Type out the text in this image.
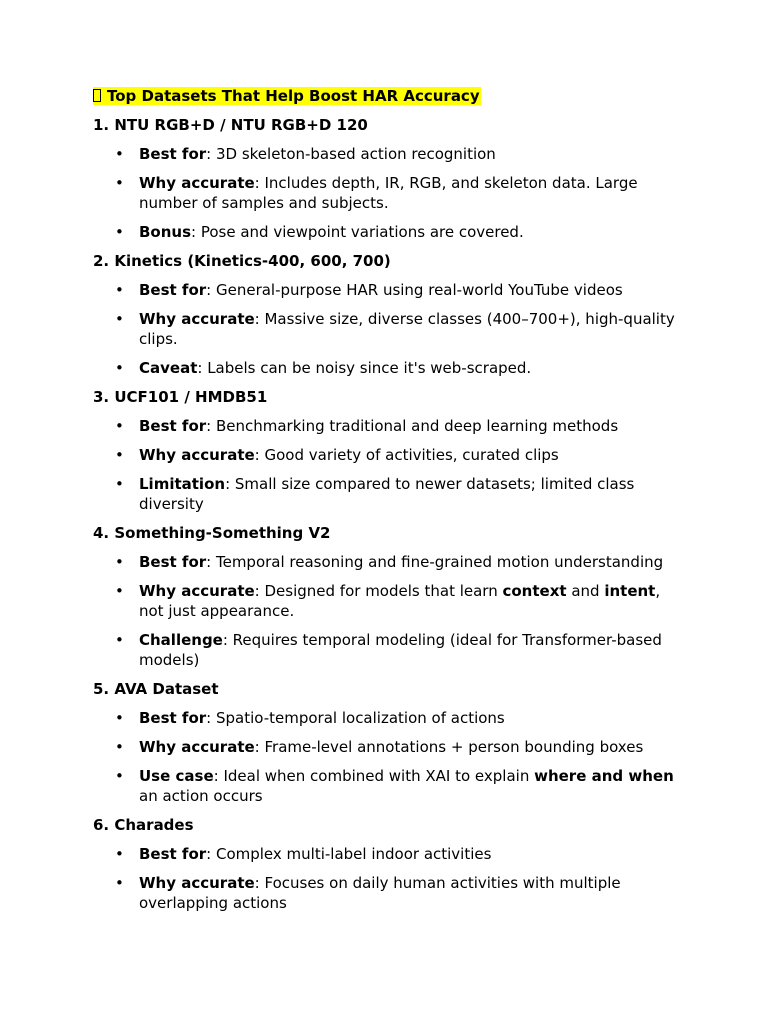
Top Datasets That Help Boost HAR Accuracy
1. NTU RGB+D / NTU RGB+D 120
• Best for: 3D skeleton-based action recognition
• Why accurate: Includes depth, IR, RGB, and skeleton data. Large number of samples and subjects.
• Bonus: Pose and viewpoint variations are covered.
2. Kinetics (Kinetics-400, 600, 700)
• Best for: General-purpose HAR using real-world YouTube videos
• Why accurate: Massive size, diverse classes (400–700+), high-quality clips.
• Caveat: Labels can be noisy since it's web-scraped.
3. UCF101 / HMDB51
• Best for: Benchmarking traditional and deep learning methods
• Why accurate: Good variety of activities, curated clips
• Limitation: Small size compared to newer datasets; limited class diversity
4. Something-Something V2
• Best for: Temporal reasoning and fine-grained motion understanding
• Why accurate: Designed for models that learn context and intent, not just appearance.
• Challenge: Requires temporal modeling (ideal for Transformer-based models)
5. AVA Dataset
• Best for: Spatio-temporal localization of actions
• Why accurate: Frame-level annotations + person bounding boxes
• Use case: Ideal when combined with XAI to explain where and when an action occurs
6. Charades
• Best for: Complex multi-label indoor activities
• Why accurate: Focuses on daily human activities with multiple overlapping actions
